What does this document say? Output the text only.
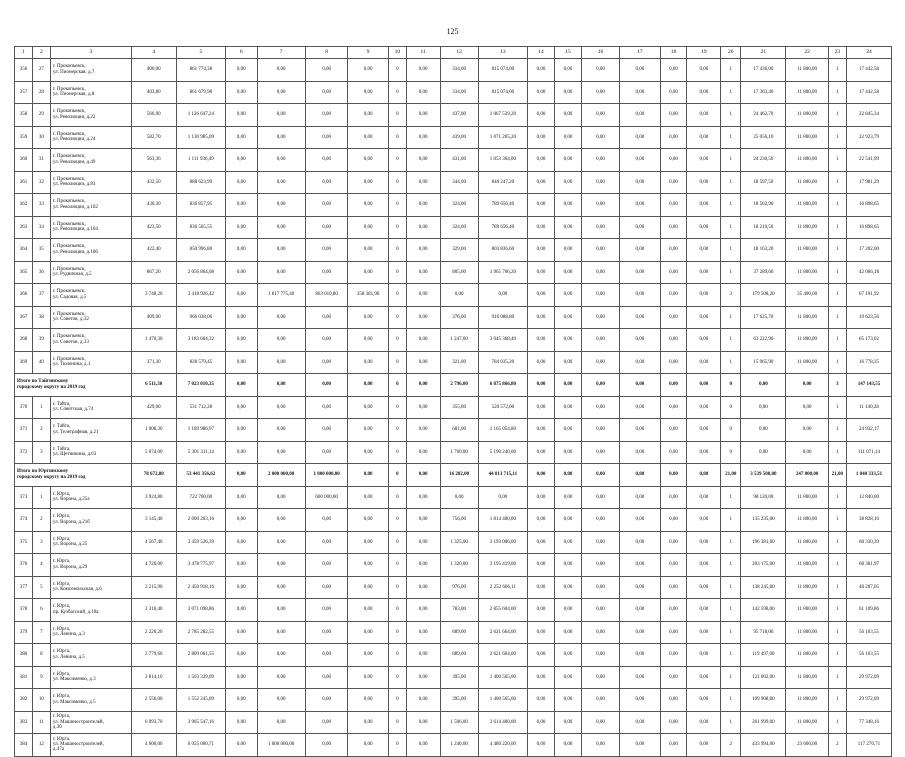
125
1	2	3	4	5	6	7	8	9	10	11	12	13	14	15	16	17	18	19	20	21	22	23	24
356	27	г. Прокопьевск,
ул. Пионерская, д.7	406,00	861 774,38	0,00	0,00	0,00	0,00	0	0,00	334,00	815 074,00	0,00	0,00	0,00	0,00	0,00	0,00	1	17 436,00	11 800,00	1	17 442,58
357	28	г. Прокопьевск,
ул. Пионерская, д.8	403,80	861 679,98	0,00	0,00	0,00	0,00	0	0,00	334,00	815 074,00	0,00	0,00	0,00	0,00	0,00	0,00	1	17 363,40	11 800,00	1	17 442,58
358	29	г. Прокопьевск,
ул. Революции, д.22	566,90	1 126 647,24	0,00	0,00	0,00	0,00	0	0,00	437,00	1 067 539,20	0,00	0,00	0,00	0,00	0,00	0,00	1	24 462,70	11 800,00	1	22 845,34
359	30	г. Прокопьевск,
ул. Революции, д.24	582,70	1 130 985,09	0,00	0,00	0,00	0,00	0	0,00	439,00	1 071 205,20	0,00	0,00	0,00	0,00	0,00	0,00	1	25 056,10	11 800,00	1	22 923,79
360	31	г. Прокопьевск,
ул. Революции, д.49	563,36	1 111 936,49	0,00	0,00	0,00	0,00	0	0,00	431,00	1 053 364,00	0,00	0,00	0,00	0,00	0,00	0,00	1	24 230,50	11 800,00	1	22 541,99
361	32	г. Прокопьевск,
ул. Революции, д.83	432,50	888 623,99	0,00	0,00	0,00	0,00	0	0,00	344,00	840 247,20	0,00	0,00	0,00	0,00	0,00	0,00	1	18 597,50	11 800,00	1	17 981,29
362	33	г. Прокопьевск,
ул. Революции, д.102	430,30	836 857,95	0,00	0,00	0,00	0,00	0	0,00	324,00	789 656,40	0,00	0,00	0,00	0,00	0,00	0,00	1	18 502,90	11 800,00	1	16 898,65
363	34	г. Прокопьевск,
ул. Революции, д.104	423,50	836 565,55	0,00	0,00	0,00	0,00	0	0,00	324,00	789 656,40	0,00	0,00	0,00	0,00	0,00	0,00	1	18 210,50	11 800,00	1	16 898,65
364	35	г. Прокопьевск,
ул. Революции, д.106	422,40	850 996,80	0,00	0,00	0,00	0,00	0	0,00	329,00	803 836,60	0,00	0,00	0,00	0,00	0,00	0,00	1	18 163,20	11 800,00	1	17 202,00
365	36	г. Прокопьевск,
ул. Рудничная, д.5	867,20	2 056 864,08	0,00	0,00	0,00	0,00	0	0,00	805,00	1 965 706,20	0,00	0,00	0,00	0,00	0,00	0,00	1	37 289,60	11 800,00	1	42 066,18
366	37	г. Прокопьевск,
ул. Садовая, д.5	3 748,20	3 418 926,42	0,00	1 817 775,40	863 010,80	358 381,90	0	0,00	0,00	0,00	0,00	0,00	0,00	0,00	0,00	0,00	3	179 508,20	35 400,00	1	67 191,92
367	38	г. Прокопьевск,
ул. Советов, д.32	409,90	966 038,06	0,00	0,00	0,00	0,00	0	0,00	376,00	916 088,80	0,00	0,00	0,00	0,00	0,00	0,00	1	17 625,70	11 800,00	1	19 623,56
368	39	г. Прокопьевск,
ул. Советов, д.33	1 470,30	3 183 664,32	0,00	0,00	0,00	0,00	0	0,00	1 247,00	3 045 368,40	0,00	0,00	0,00	0,00	0,00	0,00	1	63 222,90	11 800,00	1	65 173,02
369	40	г. Прокопьевск,
ул. Тюленина, д.1	371,30	828 579,45	0,00	0,00	0,00	0,00	0	0,00	321,00	784 035,20	0,00	0,00	0,00	0,00	0,00	0,00	1	15 965,90	11 800,00	1	16 778,35
Итого по Тайгинскому
городскому округу на 2019 год			6 511,30	7 023 010,35	0,00	0,00	0,00	0,00	0	0,00	2 796,00	6 875 866,80	0,00	0,00	0,00	0,00	0,00	0,00	0	0,00	0,00	3	147 143,55
370	1	г. Тайга,
ул. Советская, д.74	429,00	531 712,28	0,00	0,00	0,00	0,00	0	0,00	355,00	520 572,00	0,00	0,00	0,00	0,00	0,00	0,00	0	0,00	0,00	1	11 140,28
371	2	г. Тайга,
ул. Телеграфная, д.21	1 008,30	1 189 986,97	0,00	0,00	0,00	0,00	0	0,00	681,00	1 165 054,80	0,00	0,00	0,00	0,00	0,00	0,00	0	0,00	0,00	1	24 932,17
372	3	г. Тайга,
ул. Щетинкина, д.63	5 074,00	5 301 311,14	0,00	0,00	0,00	0,00	0	0,00	1 760,00	5 190 240,00	0,00	0,00	0,00	0,00	0,00	0,00	0	0,00	0,00	1	111 071,14
Итого по Юргинскому
городскому округу на 2019 год			78 672,80	53 441 356,62	0,00	2 000 000,00	1 800 000,00	0,00	0	0,00	16 282,00	44 813 715,11	0,00	0,00	0,00	0,00	0,00	0,00	21,00	3 539 508,00	247 800,00	21,00	1 040 333,51
373	1	г. Юрга,
ул. Ворона, д.25а	3 924,80	722 760,00	0,00	0,00	600 000,00	0,00	0	0,00	0,00	0,00	0,00	0,00	0,00	0,00	0,00	0,00	1	98 120,00	11 800,00	1	12 840,00
374	2	г. Юрга,
ул. Ворона, д.21б	3 145,40	2 000 263,16	0,00	0,00	0,00	0,00	0	0,00	756,00	1 814 400,00	0,00	0,00	0,00	0,00	0,00	0,00	1	135 235,00	11 800,00	1	38 828,16
375	3	г. Юрга,
ул. Ворона, д.25	4 567,40	3 459 526,39	0,00	0,00	0,00	0,00	0	0,00	1 325,00	3 193 006,00	0,00	0,00	0,00	0,00	0,00	0,00	1	196 381,00	11 800,00	1	68 330,39
376	4	г. Юрга,
ул. Ворона, д.29	4 726,00	3 478 775,97	0,00	0,00	0,00	0,00	0	0,00	1 320,00	3 195 419,00	0,00	0,00	0,00	0,00	0,00	0,00	1	203 175,00	11 800,00	1	68 381,97
377	5	г. Юрга,
ул. Комсомольская, д.6	3 215,90	2 450 918,16	0,00	0,00	0,00	0,00	0	0,00	976,00	2 252 666,11	0,00	0,00	0,00	0,00	0,00	0,00	1	138 245,00	11 800,00	1	48 207,05
378	6	г. Юрга,
пр. Кузбасский, д.10а	3 316,40	3 071 098,86	0,00	0,00	0,00	0,00	0	0,00	783,00	2 855 604,00	0,00	0,00	0,00	0,00	0,00	0,00	1	142 598,00	11 800,00	1	61 109,86
379	7	г. Юрга,
ул. Ленина, д.3	2 226,20	2 785 282,55	0,00	0,00	0,00	0,00	0	0,00	889,00	2 621 664,00	0,00	0,00	0,00	0,00	0,00	0,00	1	95 718,00	11 800,00	1	56 103,55
380	8	г. Юрга,
ул. Ленина, д.5	2 779,60	2 809 061,55	0,00	0,00	0,00	0,00	0	0,00	889,00	2 621 664,00	0,00	0,00	0,00	0,00	0,00	0,00	1	119 497,00	11 800,00	1	56 103,55
381	9	г. Юрга,
ул. Максименко, д.3	2 814,10	1 563 339,09	0,00	0,00	0,00	0,00	0	0,00	395,00	1 400 565,00	0,00	0,00	0,00	0,00	0,00	0,00	1	121 002,00	11 800,00	1	29 972,09
382	10	г. Юрга,
ул. Максименко, д.5	2 556,00	1 552 245,09	0,00	0,00	0,00	0,00	0	0,00	395,00	1 400 565,00	0,00	0,00	0,00	0,00	0,00	0,00	1	109 908,00	11 800,00	1	29 972,09
383	11	г. Юрга,
ул. Машиностроителей,
д.30	6 093,70	3 965 547,16	0,00	0,00	0,00	0,00	0	0,00	1 506,00	3 614 400,00	0,00	0,00	0,00	0,00	0,00	0,00	1	261 999,00	11 800,00	1	77 348,16
384	12	г. Юрга,
ул. Машиностроителей,
д.47а	4 606,00	6 055 000,71	0,00	1 000 000,00	0,00	0,00	0	0,00	1 240,00	4 480 220,00	0,00	0,00	0,00	0,00	0,00	0,00	2	433 994,00	23 600,00	2	117 276,71
